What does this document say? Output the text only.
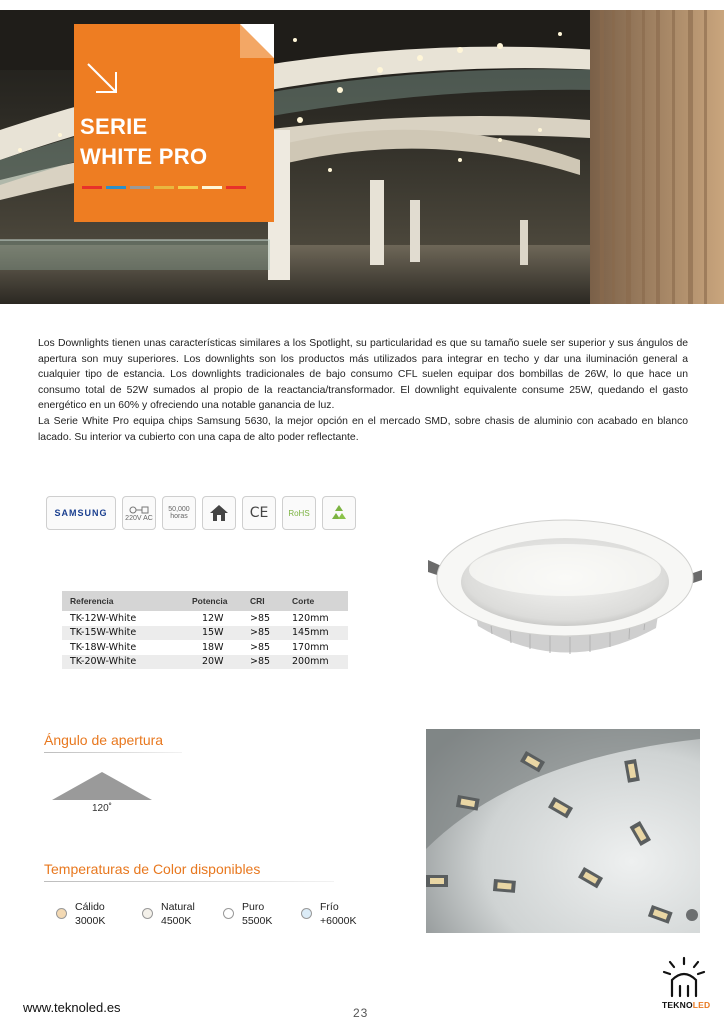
SERIE
WHITE PRO

Los Downlights tienen unas características similares a los Spotlight, su particularidad es que su tamaño suele ser superior y sus ángulos de apertura son muy superiores. Los downlights son los productos más utilizados para integrar en techo y dar una iluminación general a cualquier tipo de estancia. Los downlights tradicionales de bajo consumo CFL suelen equipar dos bombillas de 26W, lo que hace un consumo total de 52W sumados al propio de la reactancia/transformador. El downlight equivalente consume 25W, quedando el gasto energético en un 60% y ofreciendo una notable ganancia de luz.

La Serie White Pro equipa chips Samsung 5630, la mejor opción en el mercado SMD, sobre chasis de aluminio con acabado en blanco lacado. Su interior va cubierto con una capa de alto poder reflectante.

SAMSUNG	220V AC
50,000
horas	CE	RoHS
Referencia	Potencia	CRI	Corte
TK-12W-White	12W	>85	120mm
TK-15W-White	15W	>85	145mm
TK-18W-White	18W	>85	170mm
TK-20W-White	20W	>85	200mm
Ángulo de apertura
120˚
Temperaturas de Color disponibles
Cálido
3000K
Natural
4500K
Puro
5500K
Frío
+6000K
www.teknoled.es	23
TEKNOLED
